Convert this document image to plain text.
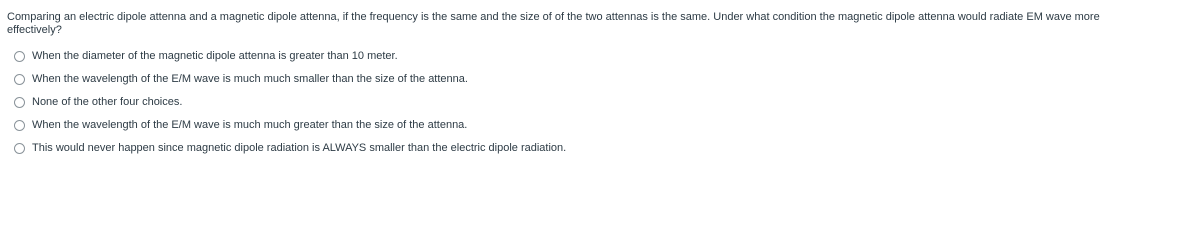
Comparing an electric dipole attenna and a magnetic dipole attenna, if the frequency is the same and the size of of the two attennas is the same. Under what condition the magnetic dipole attenna would radiate EM wave more effectively?

When the diameter of the magnetic dipole attenna is greater than 10 meter.
When the wavelength of the E/M wave is much much smaller than the size of the attenna.
None of the other four choices.
When the wavelength of the E/M wave is much much greater than the size of the attenna.
This would never happen since magnetic dipole radiation is ALWAYS smaller than the electric dipole radiation.
